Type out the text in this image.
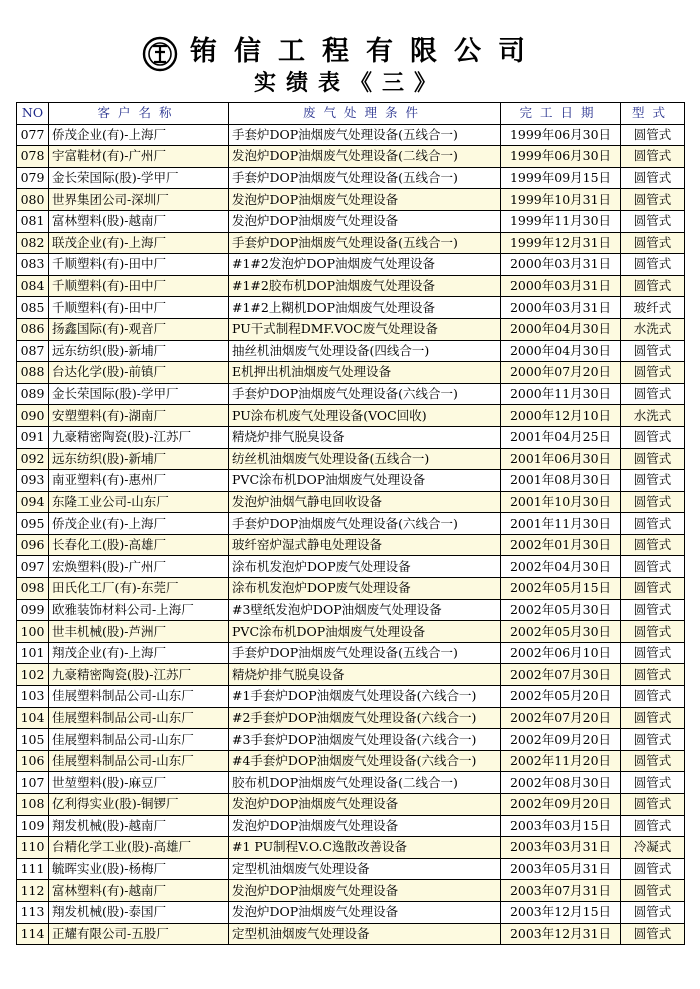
铕信工程有限公司
实绩表《三》
NO	客户名称	废气处理条件	完工日期	型式
077	侨茂企业(有)-上海厂	手套炉DOP油烟废气处理设备(五线合一)	1999年06月30日	圆管式
078	宇富鞋材(有)-广州厂	发泡炉DOP油烟废气处理设备(二线合一)	1999年06月30日	圆管式
079	金长荣国际(股)-学甲厂	手套炉DOP油烟废气处理设备(五线合一)	1999年09月15日	圆管式
080	世界集团公司-深圳厂	发泡炉DOP油烟废气处理设备	1999年10月31日	圆管式
081	富林塑料(股)-越南厂	发泡炉DOP油烟废气处理设备	1999年11月30日	圆管式
082	联茂企业(有)-上海厂	手套炉DOP油烟废气处理设备(五线合一)	1999年12月31日	圆管式
083	千顺塑料(有)-田中厂	#1#2发泡炉DOP油烟废气处理设备	2000年03月31日	圆管式
084	千顺塑料(有)-田中厂	#1#2胶布机DOP油烟废气处理设备	2000年03月31日	圆管式
085	千顺塑料(有)-田中厂	#1#2上糊机DOP油烟废气处理设备	2000年03月31日	玻纤式
086	扬鑫国际(有)-观音厂	PU干式制程DMF.VOC废气处理设备	2000年04月30日	水洗式
087	远东纺织(股)-新埔厂	抽丝机油烟废气处理设备(四线合一)	2000年04月30日	圆管式
088	台达化学(股)-前镇厂	E机押出机油烟废气处理设备	2000年07月20日	圆管式
089	金长荣国际(股)-学甲厂	手套炉DOP油烟废气处理设备(六线合一)	2000年11月30日	圆管式
090	安塑塑料(有)-湖南厂	PU涂布机废气处理设备(VOC回收)	2000年12月10日	水洗式
091	九豪精密陶瓷(股)-江苏厂	精烧炉排气脱臭设备	2001年04月25日	圆管式
092	远东纺织(股)-新埔厂	纺丝机油烟废气处理设备(五线合一)	2001年06月30日	圆管式
093	南亚塑料(有)-惠州厂	PVC涂布机DOP油烟废气处理设备	2001年08月30日	圆管式
094	东隆工业公司-山东厂	发泡炉油烟气静电回收设备	2001年10月30日	圆管式
095	侨茂企业(有)-上海厂	手套炉DOP油烟废气处理设备(六线合一)	2001年11月30日	圆管式
096	长春化工(股)-高雄厂	玻纤窑炉湿式静电处理设备	2002年01月30日	圆管式
097	宏焕塑料(股)-广州厂	涂布机发泡炉DOP废气处理设备	2002年04月30日	圆管式
098	田氏化工厂(有)-东莞厂	涂布机发泡炉DOP废气处理设备	2002年05月15日	圆管式
099	欧雅装饰材料公司-上海厂	#3壁纸发泡炉DOP油烟废气处理设备	2002年05月30日	圆管式
100	世丰机械(股)-芦洲厂	PVC涂布机DOP油烟废气处理设备	2002年05月30日	圆管式
101	翔茂企业(有)-上海厂	手套炉DOP油烟废气处理设备(五线合一)	2002年06月10日	圆管式
102	九豪精密陶瓷(股)-江苏厂	精烧炉排气脱臭设备	2002年07月30日	圆管式
103	佳展塑料制品公司-山东厂	#1手套炉DOP油烟废气处理设备(六线合一)	2002年05月20日	圆管式
104	佳展塑料制品公司-山东厂	#2手套炉DOP油烟废气处理设备(六线合一)	2002年07月20日	圆管式
105	佳展塑料制品公司-山东厂	#3手套炉DOP油烟废气处理设备(六线合一)	2002年09月20日	圆管式
106	佳展塑料制品公司-山东厂	#4手套炉DOP油烟废气处理设备(六线合一)	2002年11月20日	圆管式
107	世堃塑料(股)-麻豆厂	胶布机DOP油烟废气处理设备(二线合一)	2002年08月30日	圆管式
108	亿利得实业(股)-铜锣厂	发泡炉DOP油烟废气处理设备	2002年09月20日	圆管式
109	翔发机械(股)-越南厂	发泡炉DOP油烟废气处理设备	2003年03月15日	圆管式
110	台精化学工业(股)-高雄厂	#1 PU制程V.O.C逸散改善设备	2003年03月31日	冷凝式
111	毓晖实业(股)-杨梅厂	定型机油烟废气处理设备	2003年05月31日	圆管式
112	富林塑料(有)-越南厂	发泡炉DOP油烟废气处理设备	2003年07月31日	圆管式
113	翔发机械(股)-泰国厂	发泡炉DOP油烟废气处理设备	2003年12月15日	圆管式
114	正耀有限公司-五股厂	定型机油烟废气处理设备	2003年12月31日	圆管式
